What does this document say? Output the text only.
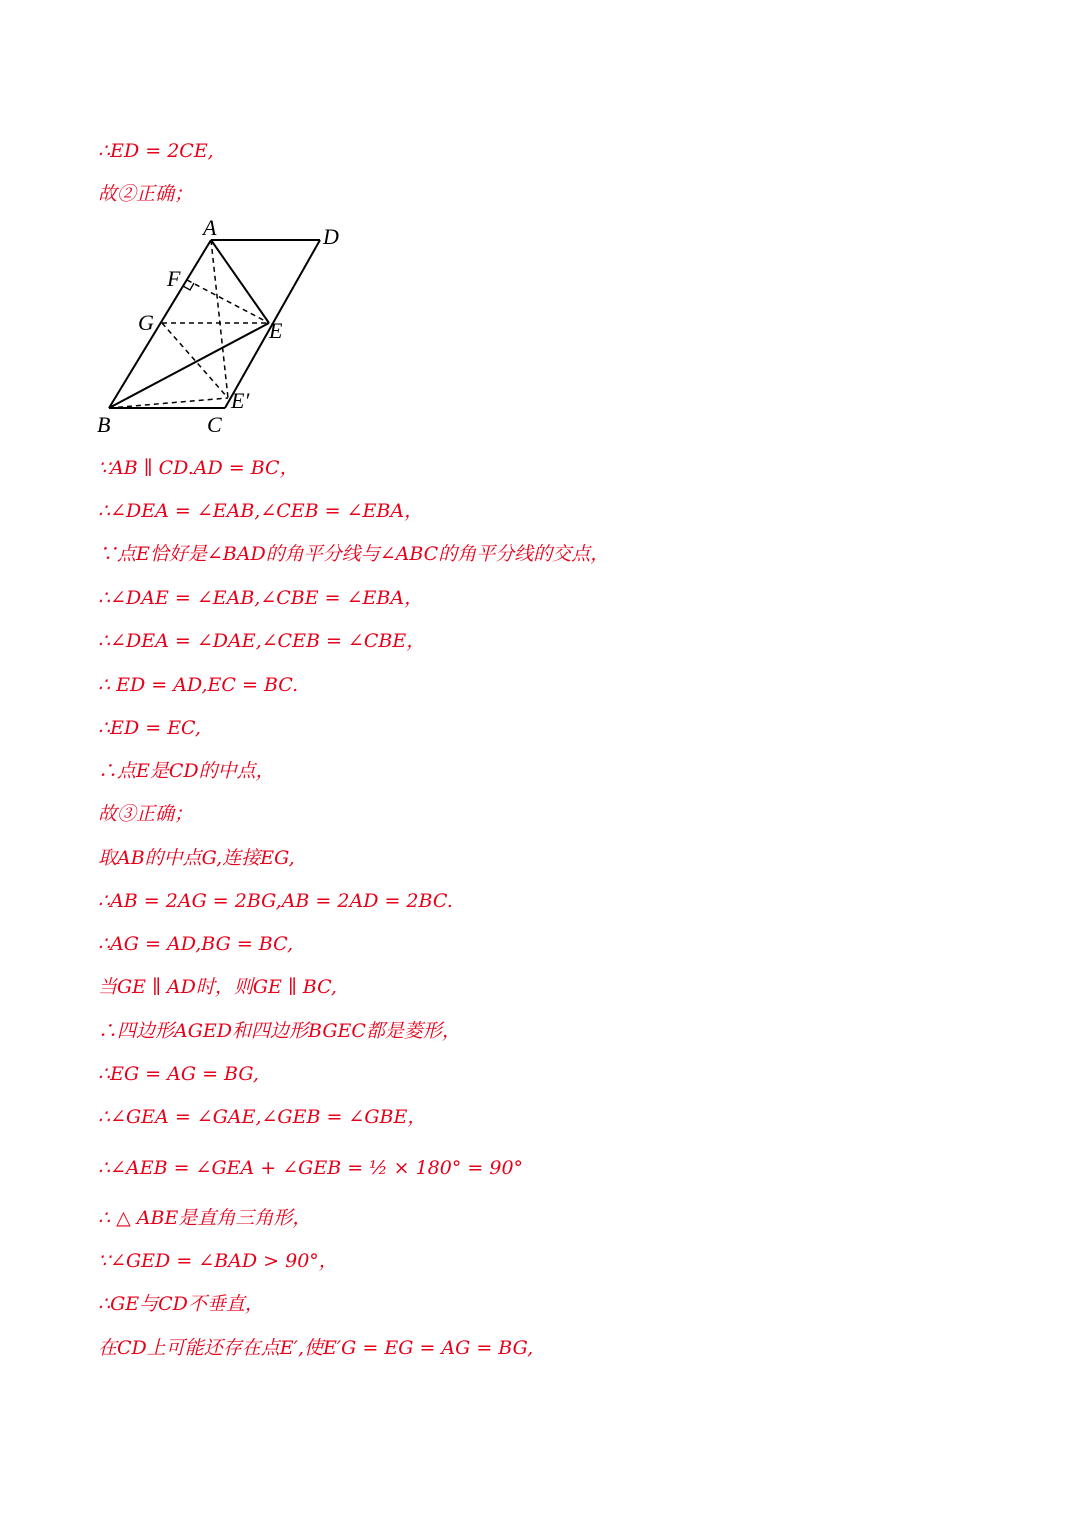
∴ED = 2CE,
故②正确；
∵AB ∥ CD.AD = BC，
∴∠DEA = ∠EAB,∠CEB = ∠EBA，
∵点E恰好是∠BAD的角平分线与∠ABC的角平分线的交点，
∴∠DAE = ∠EAB,∠CBE = ∠EBA，
∴∠DEA = ∠DAE,∠CEB = ∠CBE，
∴ ED = AD,EC = BC.
∴ED = EC,
∴点E是CD的中点，
故③正确；
取AB的中点G,连接EG,
∴AB = 2AG = 2BG,AB = 2AD = 2BC.
∴AG = AD,BG = BC,
当GE ∥ AD时，则GE ∥ BC,
∴四边形AGED和四边形BGEC都是菱形，
∴EG = AG = BG,
∴∠GEA = ∠GAE,∠GEB = ∠GBE，
∴∠AEB = ∠GEA + ∠GEB = ½ × 180° = 90°
∴ △ ABE是直角三角形，
∵∠GED = ∠BAD > 90°，
∴GE与CD不垂直，
在CD上可能还存在点E′,使E′G = EG = AG = BG,
A	D
F
G	E
E′
B	C
